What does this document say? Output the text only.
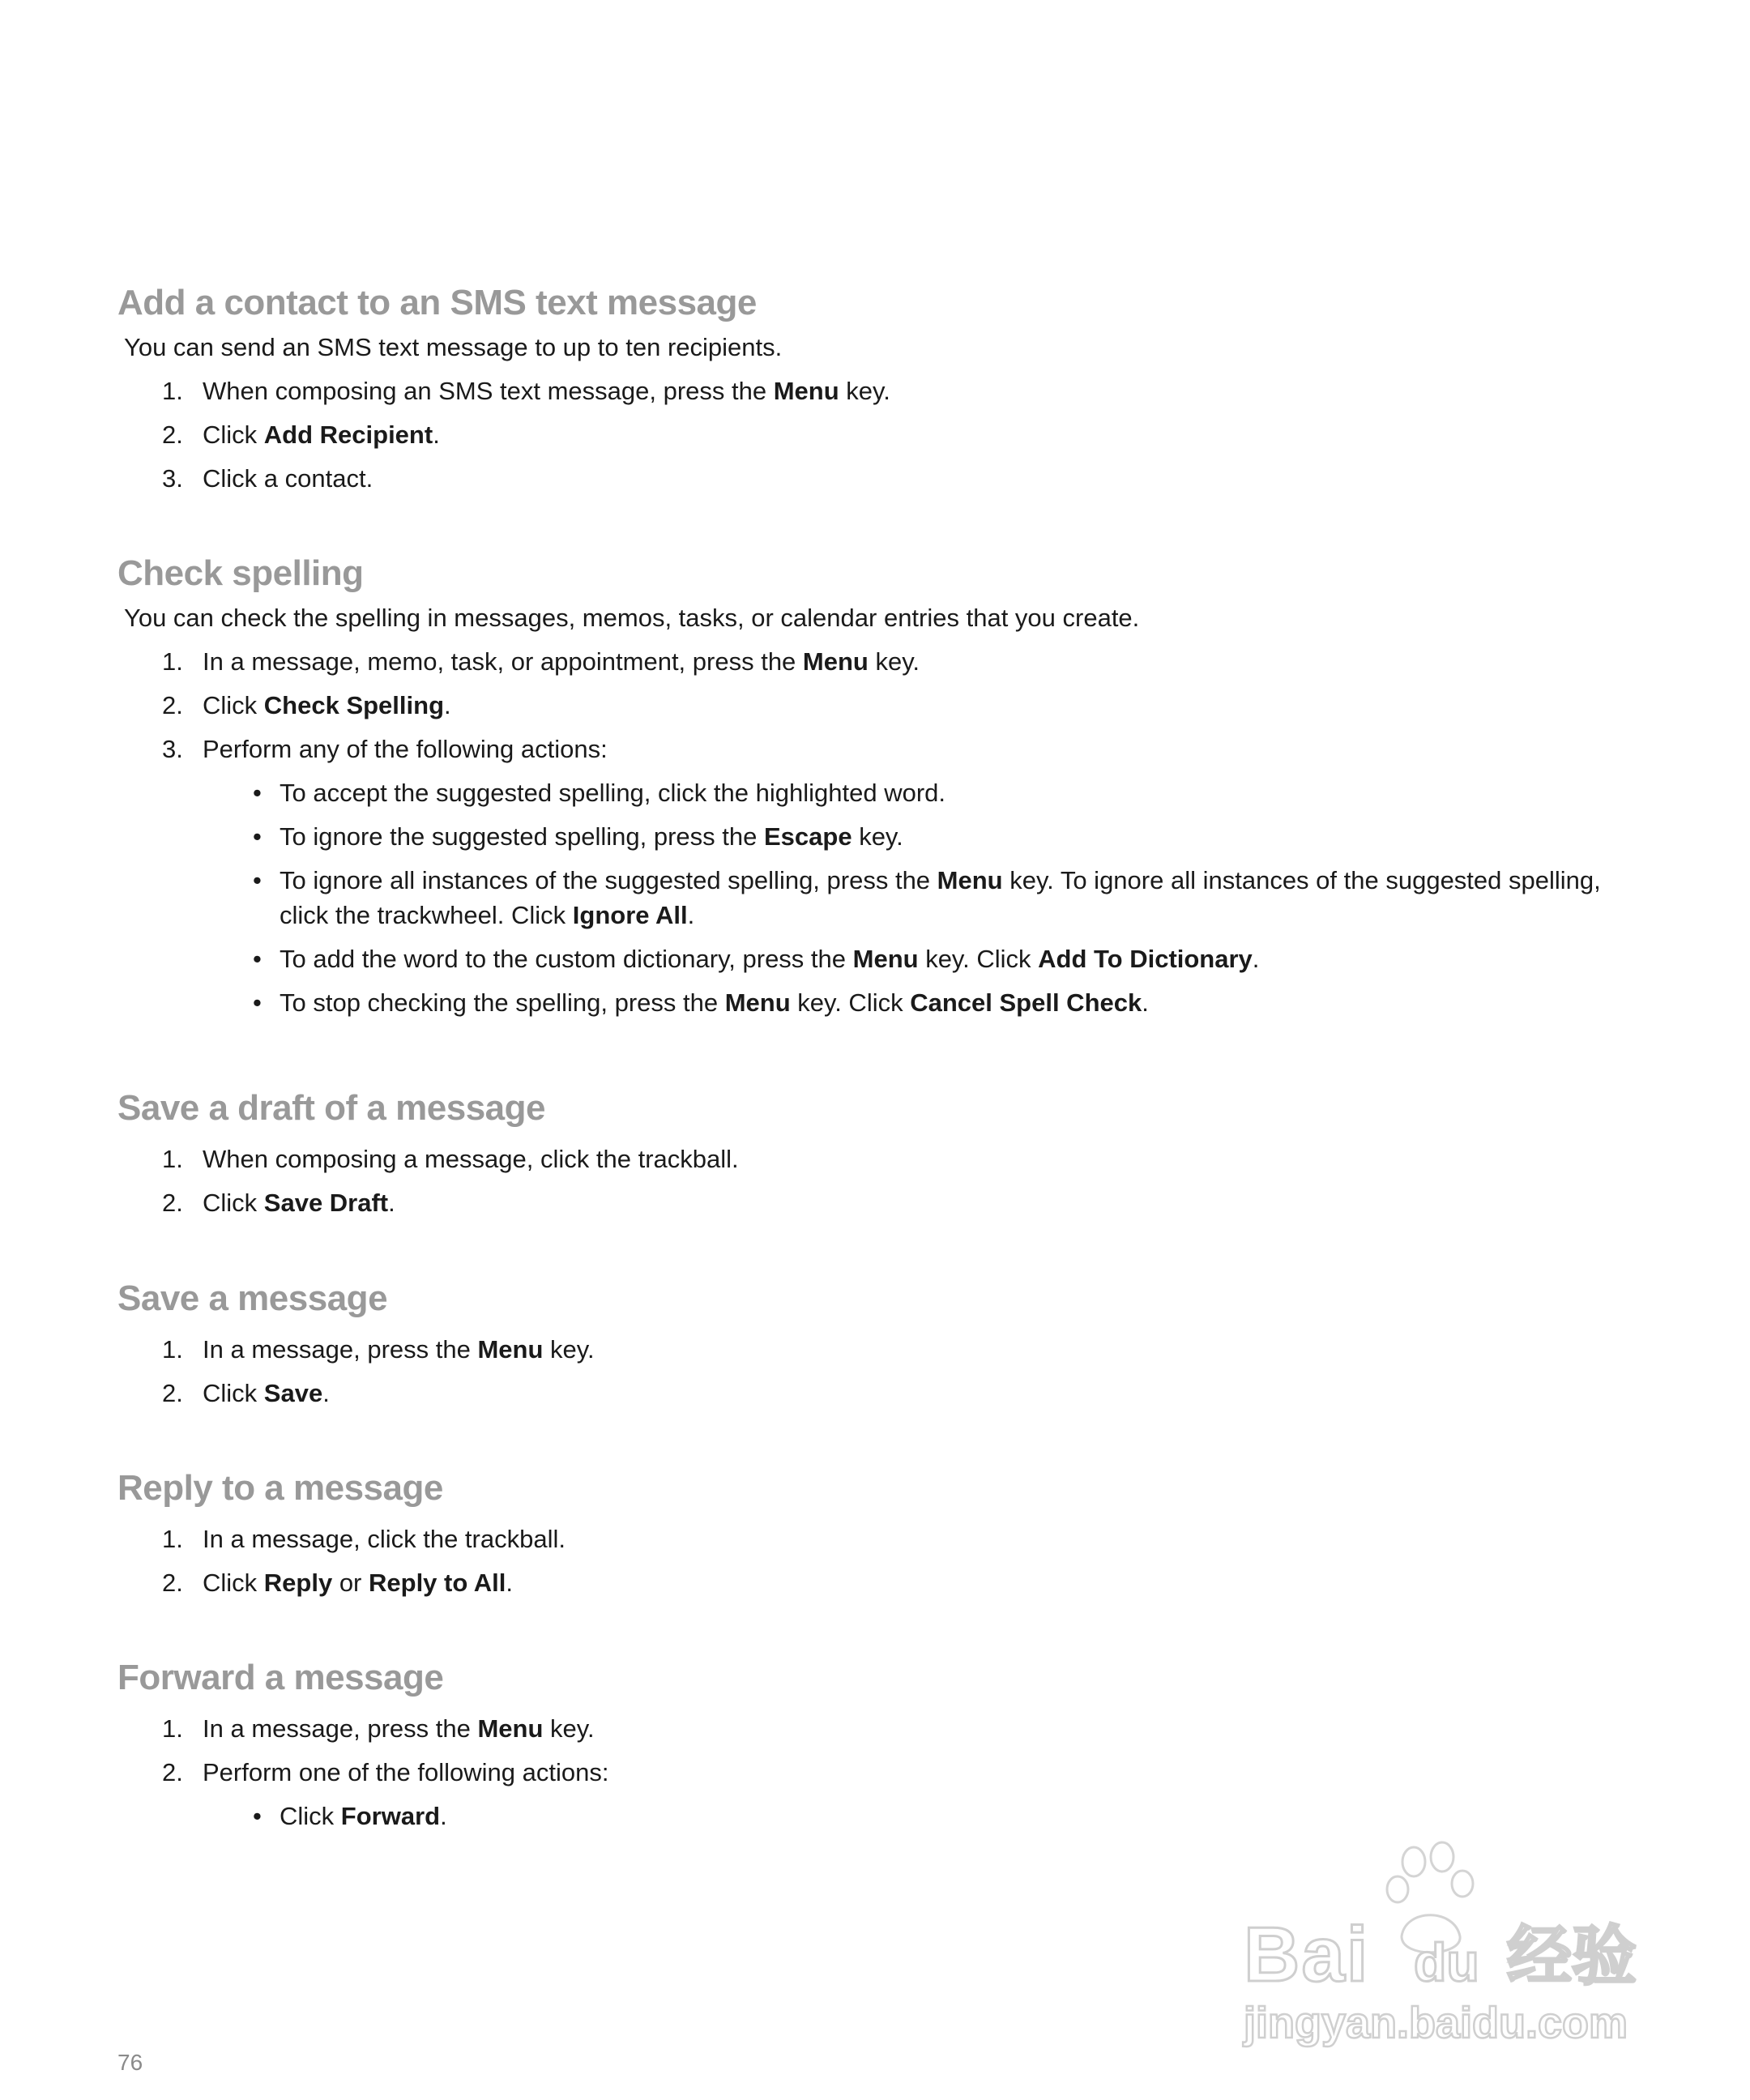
Add a contact to an SMS text message

You can send an SMS text message to up to ten recipients.

1. When composing an SMS text message, press the Menu key.
2. Click Add Recipient.
3. Click a contact.
Check spelling

You can check the spelling in messages, memos, tasks, or calendar entries that you create.

1. In a message, memo, task, or appointment, press the Menu key.
2. Click Check Spelling.
3. Perform any of the following actions:
• To accept the suggested spelling, click the highlighted word.
• To ignore the suggested spelling, press the Escape key.
• To ignore all instances of the suggested spelling, press the Menu key. To ignore all instances of the suggested spelling, click the trackwheel. Click Ignore All.
• To add the word to the custom dictionary, press the Menu key. Click Add To Dictionary.
• To stop checking the spelling, press the Menu key. Click Cancel Spell Check.
Save a draft of a message
1. When composing a message, click the trackball.
2. Click Save Draft.
Save a message
1. In a message, press the Menu key.
2. Click Save.
Reply to a message
1. In a message, click the trackball.
2. Click Reply or Reply to All.
Forward a message
1. In a message, press the Menu key.
2. Perform one of the following actions:
• Click Forward.
Bai du 经验
jingyan.baidu.com
76
